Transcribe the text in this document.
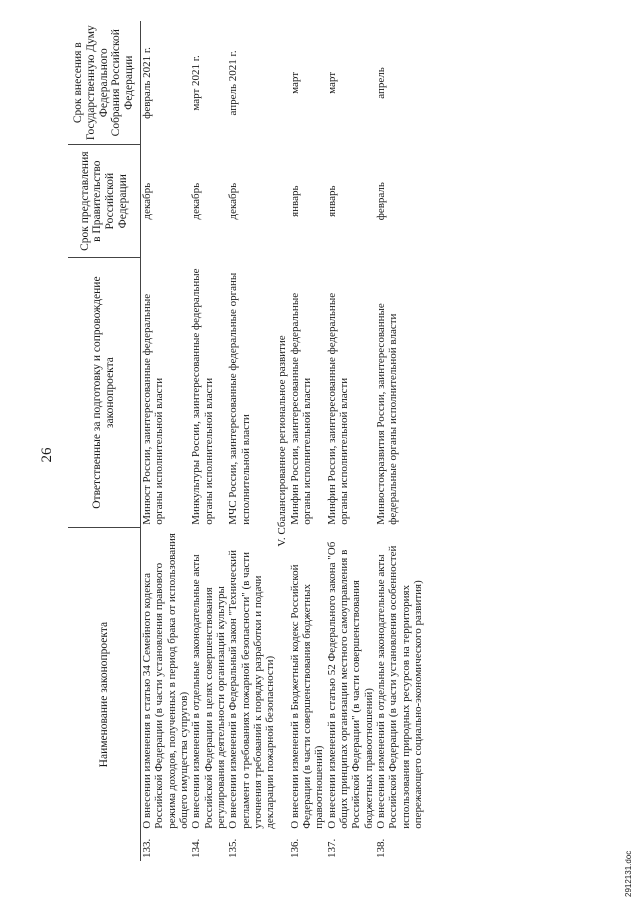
26
Наименование законопроекта		Ответственные за подготовку и сопровождение законопроекта	Срок представления в Правительство Российской Федерации	Срок внесения в Государственную Думу Федерального Собрания Российской Федерации
133.	О внесении изменения в статью 34 Семейного кодекса Российской Федерации (в части установления правового режима доходов, полученных в период брака от использования общего имущества супругов)	Минюст России, заинтересованные федеральные органы исполнительной власти	декабрь	февраль 2021 г.
134.	О внесении изменений в отдельные законодательные акты Российской Федерации в целях совершенствования регулирования деятельности организаций культуры	Минкультуры России, заинтересованные федеральные органы исполнительной власти	декабрь	март 2021 г.
135.	О внесении изменений в Федеральный закон "Технический регламент о требованиях пожарной безопасности" (в части уточнения требований к порядку разработки и подачи декларации пожарной безопасности)	МЧС России, заинтересованные федеральные органы исполнительной власти	декабрь	апрель 2021 г.
V. Сбалансированное региональное развитие				
136.	О внесении изменений в Бюджетный кодекс Российской Федерации (в части совершенствования бюджетных правоотношений)	Минфин России, заинтересованные федеральные органы исполнительной власти	январь	март
137.	О внесении изменений в статью 52 Федерального закона "Об общих принципах организации местного самоуправления в Российской Федерации" (в части совершенствования бюджетных правоотношений)	Минфин России, заинтересованные федеральные органы исполнительной власти	январь	март
138.	О внесении изменений в отдельные законодательные акты Российской Федерации (в части установления особенностей использования природных ресурсов на территориях опережающего социально-экономического развития)	Минвостокразвития России, заинтересованные федеральные органы исполнительной власти	февраль	апрель
2912131.doc
